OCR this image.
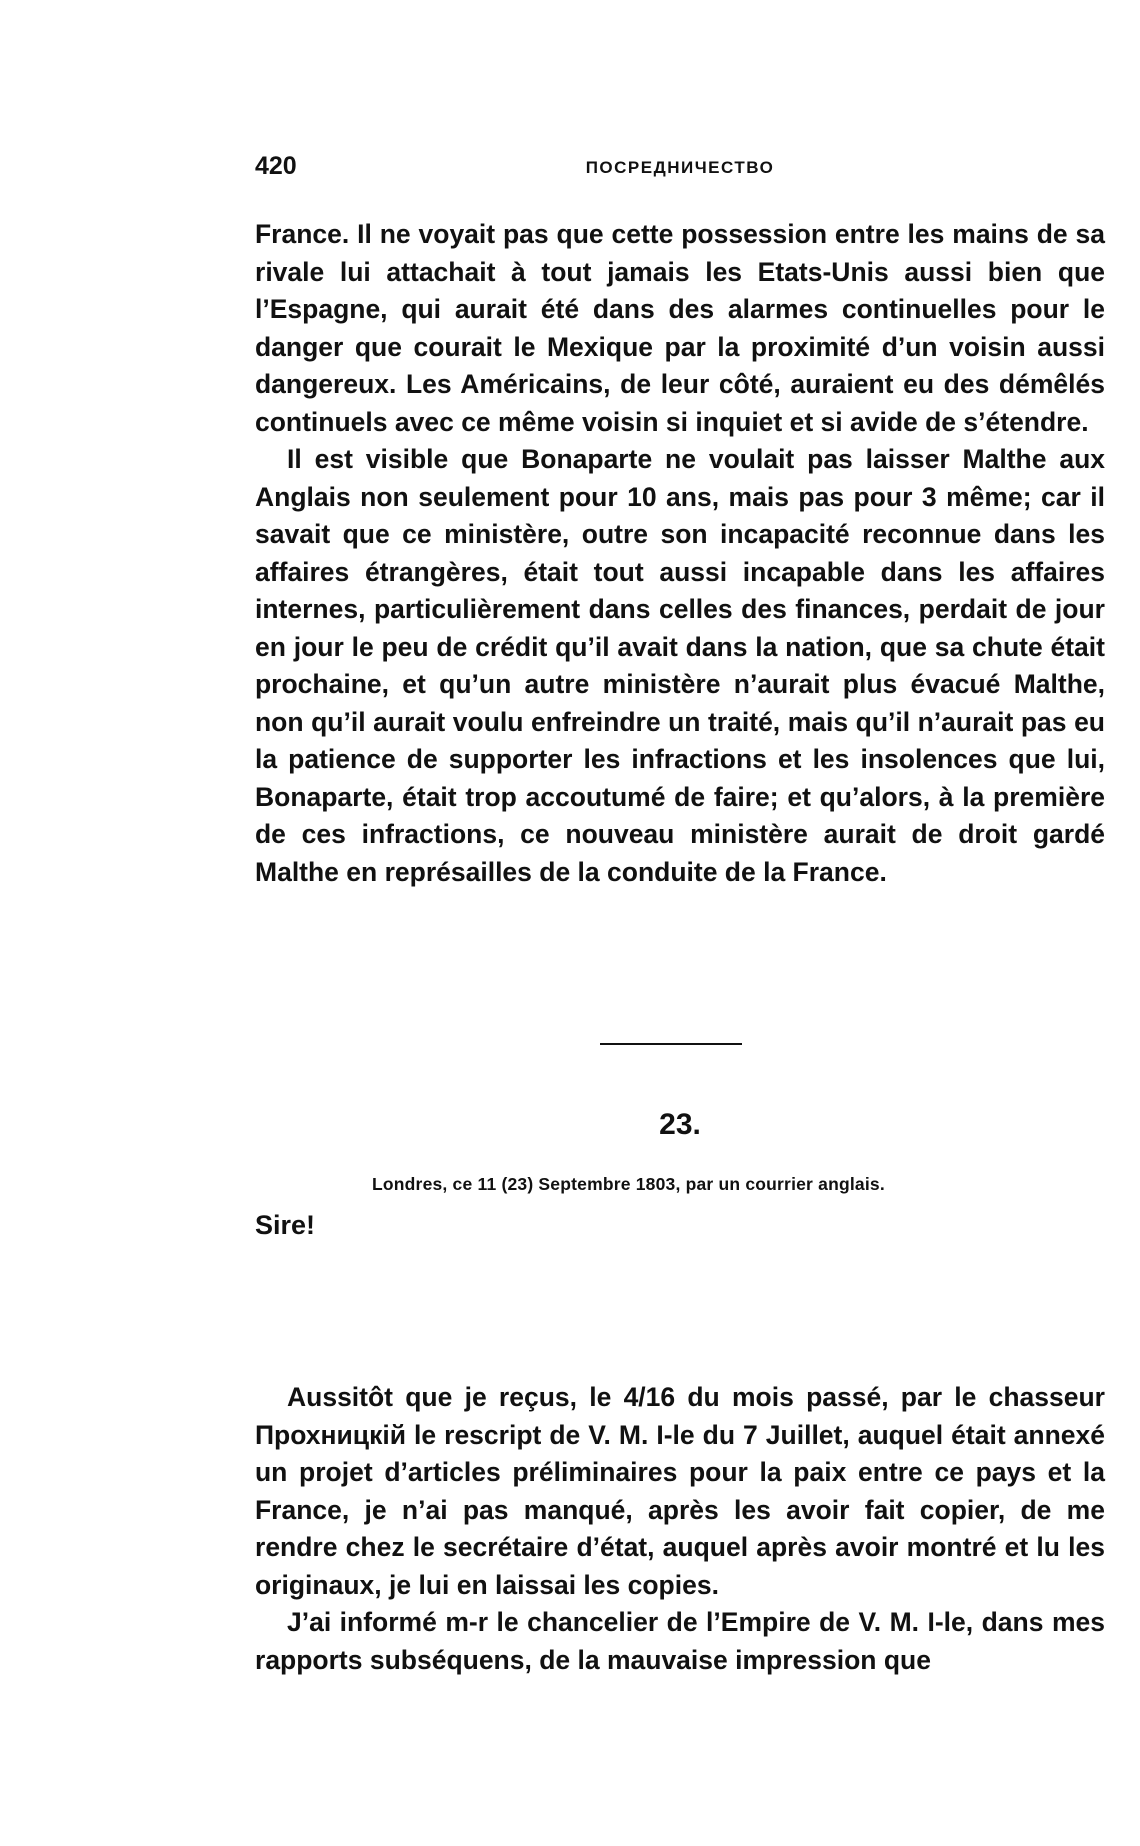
420	ПОСРЕДНИЧЕСТВО

France. Il ne voyait pas que cette possession entre les mains de sa rivale lui attachait à tout jamais les Etats-Unis aussi bien que l’Espagne, qui aurait été dans des alarmes continuelles pour le danger que courait le Mexique par la proximité d’un voisin aussi dangereux. Les Américains, de leur côté, auraient eu des démêlés continuels avec ce même voisin si inquiet et si avide de s’étendre.

Il est visible que Bonaparte ne voulait pas laisser Malthe aux Anglais non seulement pour 10 ans, mais pas pour 3 même; car il savait que ce ministère, outre son incapacité reconnue dans les affaires étrangères, était tout aussi incapable dans les affaires internes, particulièrement dans celles des finances, perdait de jour en jour le peu de crédit qu’il avait dans la nation, que sa chute était prochaine, et qu’un autre ministère n’aurait plus évacué Malthe, non qu’il aurait voulu enfreindre un traité, mais qu’il n’aurait pas eu la patience de supporter les infractions et les insolences que lui, Bonaparte, était trop accoutumé de faire; et qu’alors, à la première de ces infractions, ce nouveau ministère aurait de droit gardé Malthe en représailles de la conduite de la France.

23.
Londres, ce 11 (23) Septembre 1803, par un courrier anglais.
Sire!

Aussitôt que je reçus, le 4/16 du mois passé, par le chasseur Прохницкій le rescript de V. M. I-le du 7 Juillet, auquel était annexé un projet d’articles préliminaires pour la paix entre ce pays et la France, je n’ai pas manqué, après les avoir fait copier, de me rendre chez le secrétaire d’état, auquel après avoir montré et lu les originaux, je lui en laissai les copies.

J’ai informé m-r le chancelier de l’Empire de V. M. I-le, dans mes rapports subséquens, de la mauvaise impression que
